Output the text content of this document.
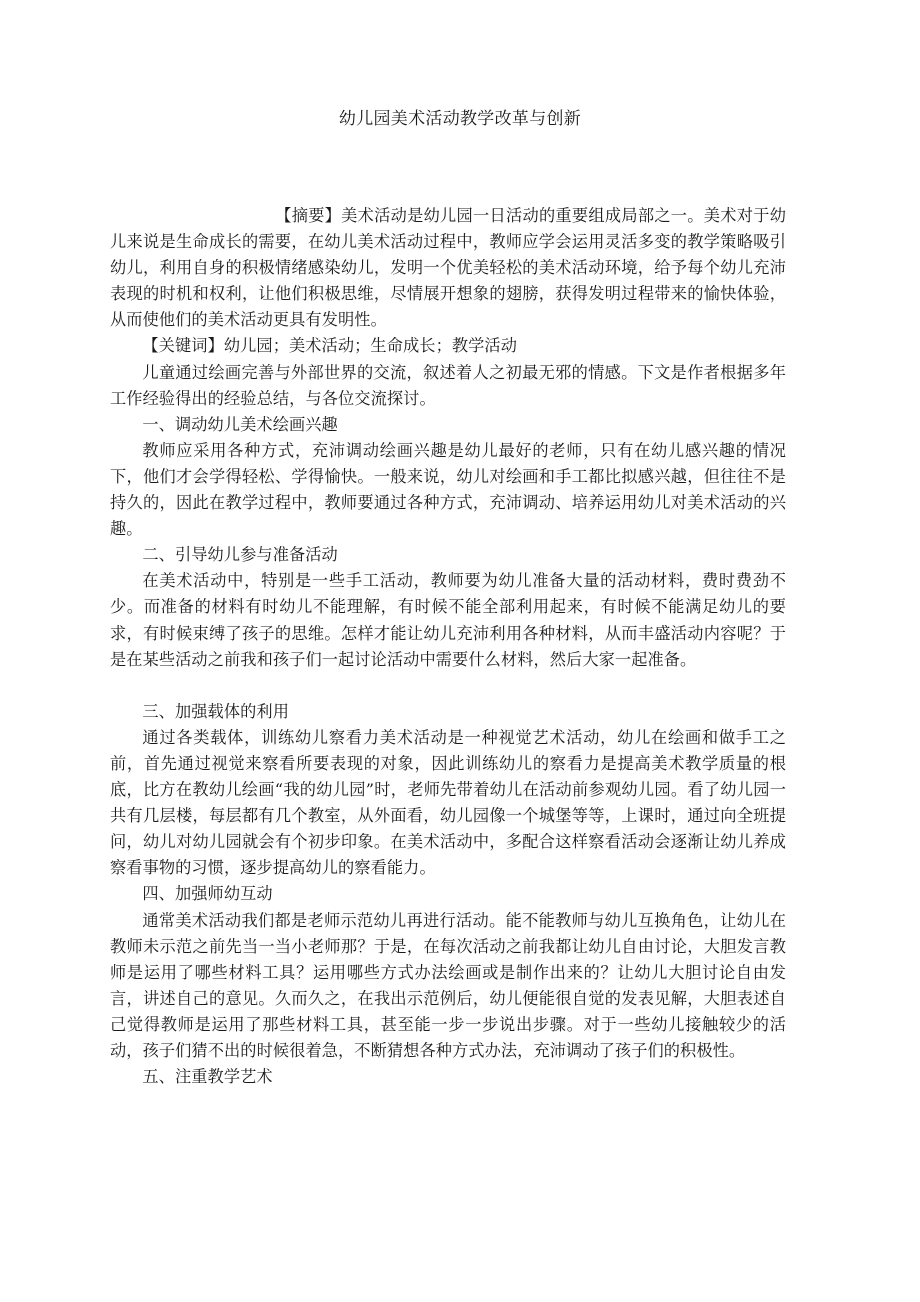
幼儿园美术活动教学改革与创新

【摘要】美术活动是幼儿园一日活动的重要组成局部之一。美术对于幼儿来说是生命成长的需要，在幼儿美术活动过程中，教师应学会运用灵活多变的教学策略吸引幼儿，利用自身的积极情绪感染幼儿，发明一个优美轻松的美术活动环境，给予每个幼儿充沛表现的时机和权利，让他们积极思维，尽情展开想象的翅膀，获得发明过程带来的愉快体验，从而使他们的美术活动更具有发明性。

【关键词】幼儿园；美术活动；生命成长；教学活动

儿童通过绘画完善与外部世界的交流，叙述着人之初最无邪的情感。下文是作者根据多年工作经验得出的经验总结，与各位交流探讨。

一、调动幼儿美术绘画兴趣

教师应采用各种方式，充沛调动绘画兴趣是幼儿最好的老师，只有在幼儿感兴趣的情况下，他们才会学得轻松、学得愉快。一般来说，幼儿对绘画和手工都比拟感兴越，但往往不是持久的，因此在教学过程中，教师要通过各种方式，充沛调动、培养运用幼儿对美术活动的兴趣。

二、引导幼儿参与准备活动

在美术活动中，特别是一些手工活动，教师要为幼儿准备大量的活动材料，费时费劲不少。而准备的材料有时幼儿不能理解，有时候不能全部利用起来，有时候不能满足幼儿的要求，有时候束缚了孩子的思维。怎样才能让幼儿充沛利用各种材料，从而丰盛活动内容呢？于是在某些活动之前我和孩子们一起讨论活动中需要什么材料，然后大家一起准备。

三、加强载体的利用

通过各类载体，训练幼儿察看力美术活动是一种视觉艺术活动，幼儿在绘画和做手工之前，首先通过视觉来察看所要表现的对象，因此训练幼儿的察看力是提高美术教学质量的根底，比方在教幼儿绘画“我的幼儿园”时，老师先带着幼儿在活动前参观幼儿园。看了幼儿园一共有几层楼，每层都有几个教室，从外面看，幼儿园像一个城堡等等，上课时，通过向全班提问，幼儿对幼儿园就会有个初步印象。在美术活动中，多配合这样察看活动会逐渐让幼儿养成察看事物的习惯，逐步提高幼儿的察看能力。

四、加强师幼互动

通常美术活动我们都是老师示范幼儿再进行活动。能不能教师与幼儿互换角色，让幼儿在教师未示范之前先当一当小老师那？于是，在每次活动之前我都让幼儿自由讨论，大胆发言教师是运用了哪些材料工具？运用哪些方式办法绘画或是制作出来的？让幼儿大胆讨论自由发言，讲述自己的意见。久而久之，在我出示范例后，幼儿便能很自觉的发表见解，大胆表述自己觉得教师是运用了那些材料工具，甚至能一步一步说出步骤。对于一些幼儿接触较少的活动，孩子们猜不出的时候很着急，不断猜想各种方式办法，充沛调动了孩子们的积极性。

五、注重教学艺术
